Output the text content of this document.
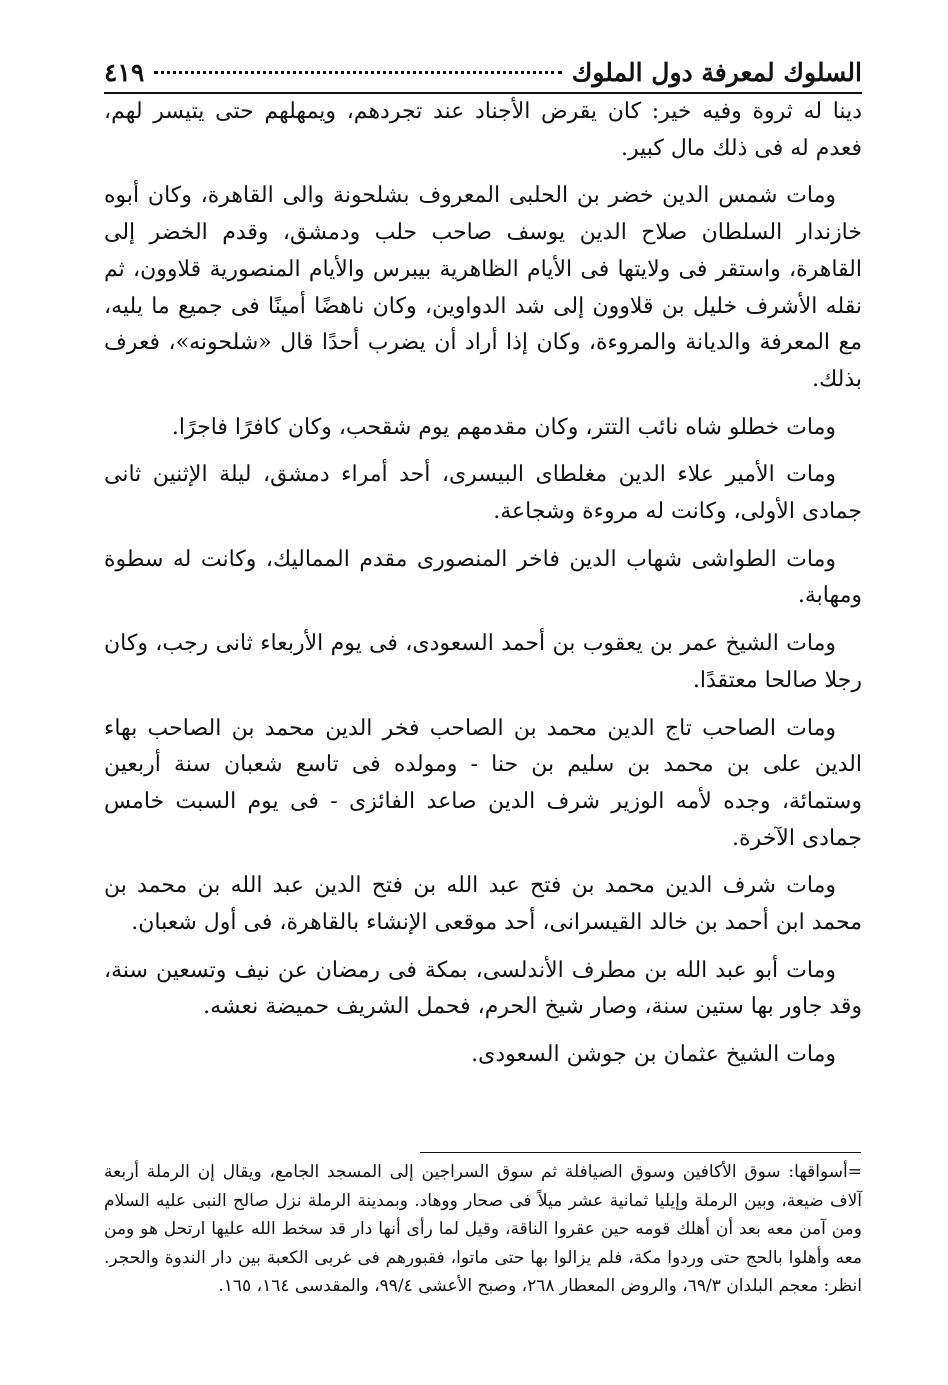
٤١٩	السلوك لمعرفة دول الملوك

دينا له ثروة وفيه خير: كان يقرض الأجناد عند تجردهم، ويمهلهم حتى يتيسر لهم، فعدم له فى ذلك مال كبير.

ومات شمس الدين خضر بن الحلبى المعروف بشلحونة والى القاهرة، وكان أبوه خازندار السلطان صلاح الدين يوسف صاحب حلب ودمشق، وقدم الخضر إلى القاهرة، واستقر فى ولايتها فى الأيام الظاهرية بيبرس والأيام المنصورية قلاوون، ثم نقله الأشرف خليل بن قلاوون إلى شد الدواوين، وكان ناهضًا أمينًا فى جميع ما يليه، مع المعرفة والديانة والمروءة، وكان إذا أراد أن يضرب أحدًا قال «شلحونه»، فعرف بذلك.

ومات خطلو شاه نائب التتر، وكان مقدمهم يوم شقحب، وكان كافرًا فاجرًا.

ومات الأمير علاء الدين مغلطاى البيسرى، أحد أمراء دمشق، ليلة الإثنين ثانى جمادى الأولى، وكانت له مروءة وشجاعة.

ومات الطواشى شهاب الدين فاخر المنصورى مقدم المماليك، وكانت له سطوة ومهابة.

ومات الشيخ عمر بن يعقوب بن أحمد السعودى، فى يوم الأربعاء ثانى رجب، وكان رجلا صالحا معتقدًا.

ومات الصاحب تاج الدين محمد بن الصاحب فخر الدين محمد بن الصاحب بهاء الدين على بن محمد بن سليم بن حنا - ومولده فى تاسع شعبان سنة أربعين وستمائة، وجده لأمه الوزير شرف الدين صاعد الفائزى - فى يوم السبت خامس جمادى الآخرة.

ومات شرف الدين محمد بن فتح عبد الله بن فتح الدين عبد الله بن محمد بن محمد ابن أحمد بن خالد القيسرانى، أحد موقعى الإنشاء بالقاهرة، فى أول شعبان.

ومات أبو عبد الله بن مطرف الأندلسى، بمكة فى رمضان عن نيف وتسعين سنة، وقد جاور بها ستين سنة، وصار شيخ الحرم، فحمل الشريف حميضة نعشه.

ومات الشيخ عثمان بن جوشن السعودى.

=أسواقها: سوق الأكافين وسوق الصيافلة ثم سوق السراجين إلى المسجد الجامع، ويقال إن الرملة أربعة آلاف ضيعة، وبين الرملة وإيليا ثمانية عشر ميلاً فى صحار ووهاد. وبمدينة الرملة نزل صالح النبى عليه السلام ومن آمن معه بعد أن أهلك قومه حين عقروا الناقة، وقيل لما رأى أنها دار قد سخط الله عليها ارتحل هو ومن معه وأهلوا بالحج حتى وردوا مكة، فلم يزالوا بها حتى ماتوا، فقبورهم فى غربى الكعبة بين دار الندوة والحجر. انظر: معجم البلدان ٦٩/٣، والروض المعطار ٢٦٨، وصبح الأعشى ٩٩/٤، والمقدسى ١٦٤، ١٦٥.
